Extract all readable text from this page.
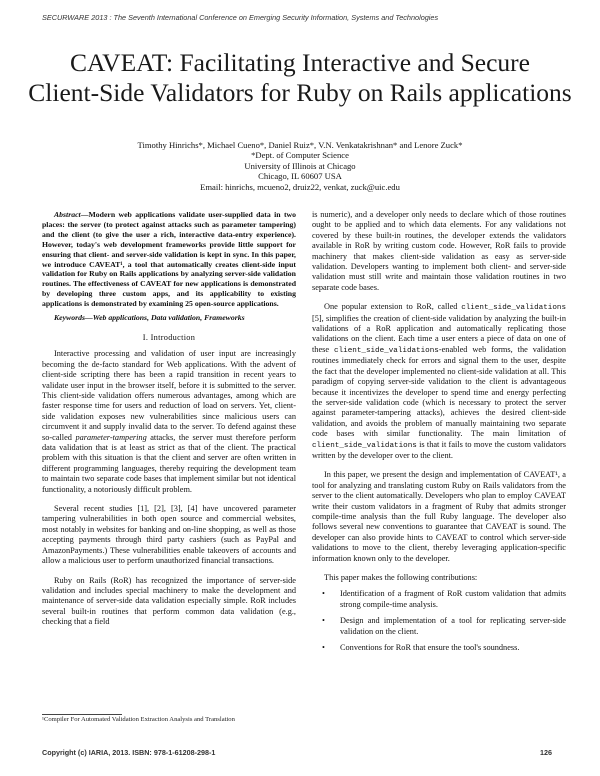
SECURWARE 2013 : The Seventh International Conference on Emerging Security Information, Systems and Technologies
CAVEAT: Facilitating Interactive and Secure
Client-Side Validators for Ruby on Rails applications
Timothy Hinrichs*, Michael Cueno*, Daniel Ruiz*, V.N. Venkatakrishnan* and Lenore Zuck*
*Dept. of Computer Science
University of Illinois at Chicago
Chicago, IL 60607 USA
Email: hinrichs, mcueno2, druiz22, venkat, zuck@uic.edu

Abstract—Modern web applications validate user-supplied data in two places: the server (to protect against attacks such as parameter tampering) and the client (to give the user a rich, interactive data-entry experience). However, today's web development frameworks provide little support for ensuring that client- and server-side validation is kept in sync. In this paper, we introduce CAVEAT¹, a tool that automatically creates client-side input validation for Ruby on Rails applications by analyzing server-side validation routines. The effectiveness of CAVEAT for new applications is demonstrated by developing three custom apps, and its applicability to existing applications is demonstrated by examining 25 open-source applications.

Keywords—Web applications, Data validation, Frameworks

I. Introduction

Interactive processing and validation of user input are increasingly becoming the de-facto standard for Web applications. With the advent of client-side scripting there has been a rapid transition in recent years to validate user input in the browser itself, before it is submitted to the server. This client-side validation offers numerous advantages, among which are faster response time for users and reduction of load on servers. Yet, client-side validation exposes new vulnerabilities since malicious users can circumvent it and supply invalid data to the server. To defend against these so-called parameter-tampering attacks, the server must therefore perform data validation that is at least as strict as that of the client. The practical problem with this situation is that the client and server are often written in different programming languages, thereby requiring the development team to maintain two separate code bases that implement similar but not identical functionality, a notoriously difficult problem.

Several recent studies [1], [2], [3], [4] have uncovered parameter tampering vulnerabilities in both open source and commercial websites, most notably in websites for banking and on-line shopping, as well as those accepting payments through third party cashiers (such as PayPal and AmazonPayments.) These vulnerabilities enable takeovers of accounts and allow a malicious user to perform unauthorized financial transactions.

Ruby on Rails (RoR) has recognized the importance of server-side validation and includes special machinery to make the development and maintenance of server-side data validation especially simple. RoR includes several built-in routines that perform common data validation (e.g., checking that a field

¹Compiler For Automated Validation Extraction Analysis and Translation

is numeric), and a developer only needs to declare which of those routines ought to be applied and to which data elements. For any validations not covered by these built-in routines, the developer extends the validators available in RoR by writing custom code. However, RoR fails to provide machinery that makes client-side validation as easy as server-side validation. Developers wanting to implement both client- and server-side validation must still write and maintain those validation routines in two separate code bases.

One popular extension to RoR, called client_side_validations [5], simplifies the creation of client-side validation by analyzing the built-in validations of a RoR application and automatically replicating those validations on the client. Each time a user enters a piece of data on one of these client_side_validations-enabled web forms, the validation routines immediately check for errors and signal them to the user, despite the fact that the developer implemented no client-side validation at all. This paradigm of copying server-side validation to the client is advantageous because it incentivizes the developer to spend time and energy perfecting the server-side validation code (which is necessary to protect the server against parameter-tampering attacks), achieves the desired client-side validation, and avoids the problem of manually maintaining two separate code bases with similar functionality. The main limitation of client_side_validations is that it fails to move the custom validators written by the developer over to the client.

In this paper, we present the design and implementation of CAVEAT¹, a tool for analyzing and translating custom Ruby on Rails validators from the server to the client automatically. Developers who plan to employ CAVEAT write their custom validators in a fragment of Ruby that admits stronger compile-time analysis than the full Ruby language. The developer also follows several new conventions to guarantee that CAVEAT is sound. The developer can also provide hints to CAVEAT to control which server-side validations to move to the client, thereby leveraging application-specific information known only to the developer.

This paper makes the following contributions:

• Identification of a fragment of RoR custom validation that admits strong compile-time analysis.
• Design and implementation of a tool for replicating server-side validation on the client.
• Conventions for RoR that ensure the tool's soundness.
Copyright (c) IARIA, 2013. ISBN: 978-1-61208-298-1	126
